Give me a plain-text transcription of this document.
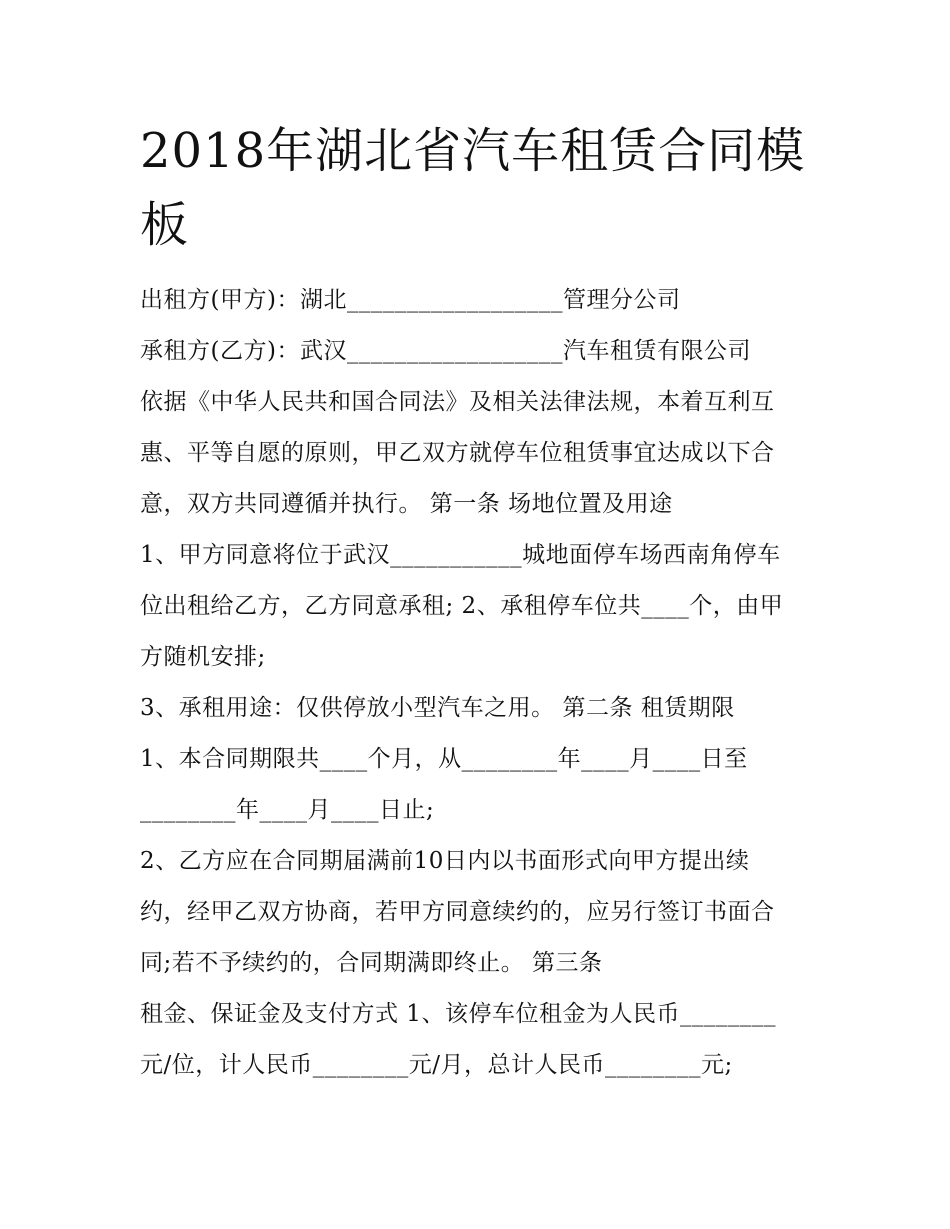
2018年湖北省汽车租赁合同模
板
出租方(甲方)：湖北__________________管理分公司
承租方(乙方)：武汉__________________汽车租赁有限公司
依据《中华人民共和国合同法》及相关法律法规，本着互利互
惠、平等自愿的原则，甲乙双方就停车位租赁事宜达成以下合
意，双方共同遵循并执行。 第一条 场地位置及用途
1、甲方同意将位于武汉___________城地面停车场西南角停车
位出租给乙方，乙方同意承租; 2、承租停车位共____个，由甲
方随机安排;
3、承租用途：仅供停放小型汽车之用。 第二条 租赁期限
1、本合同期限共____个月，从________年____月____日至
________年____月____日止;
2、乙方应在合同期届满前10日内以书面形式向甲方提出续
约，经甲乙双方协商，若甲方同意续约的，应另行签订书面合
同;若不予续约的，合同期满即终止。 第三条
租金、保证金及支付方式 1、该停车位租金为人民币________
元/位，计人民币________元/月，总计人民币________元;
